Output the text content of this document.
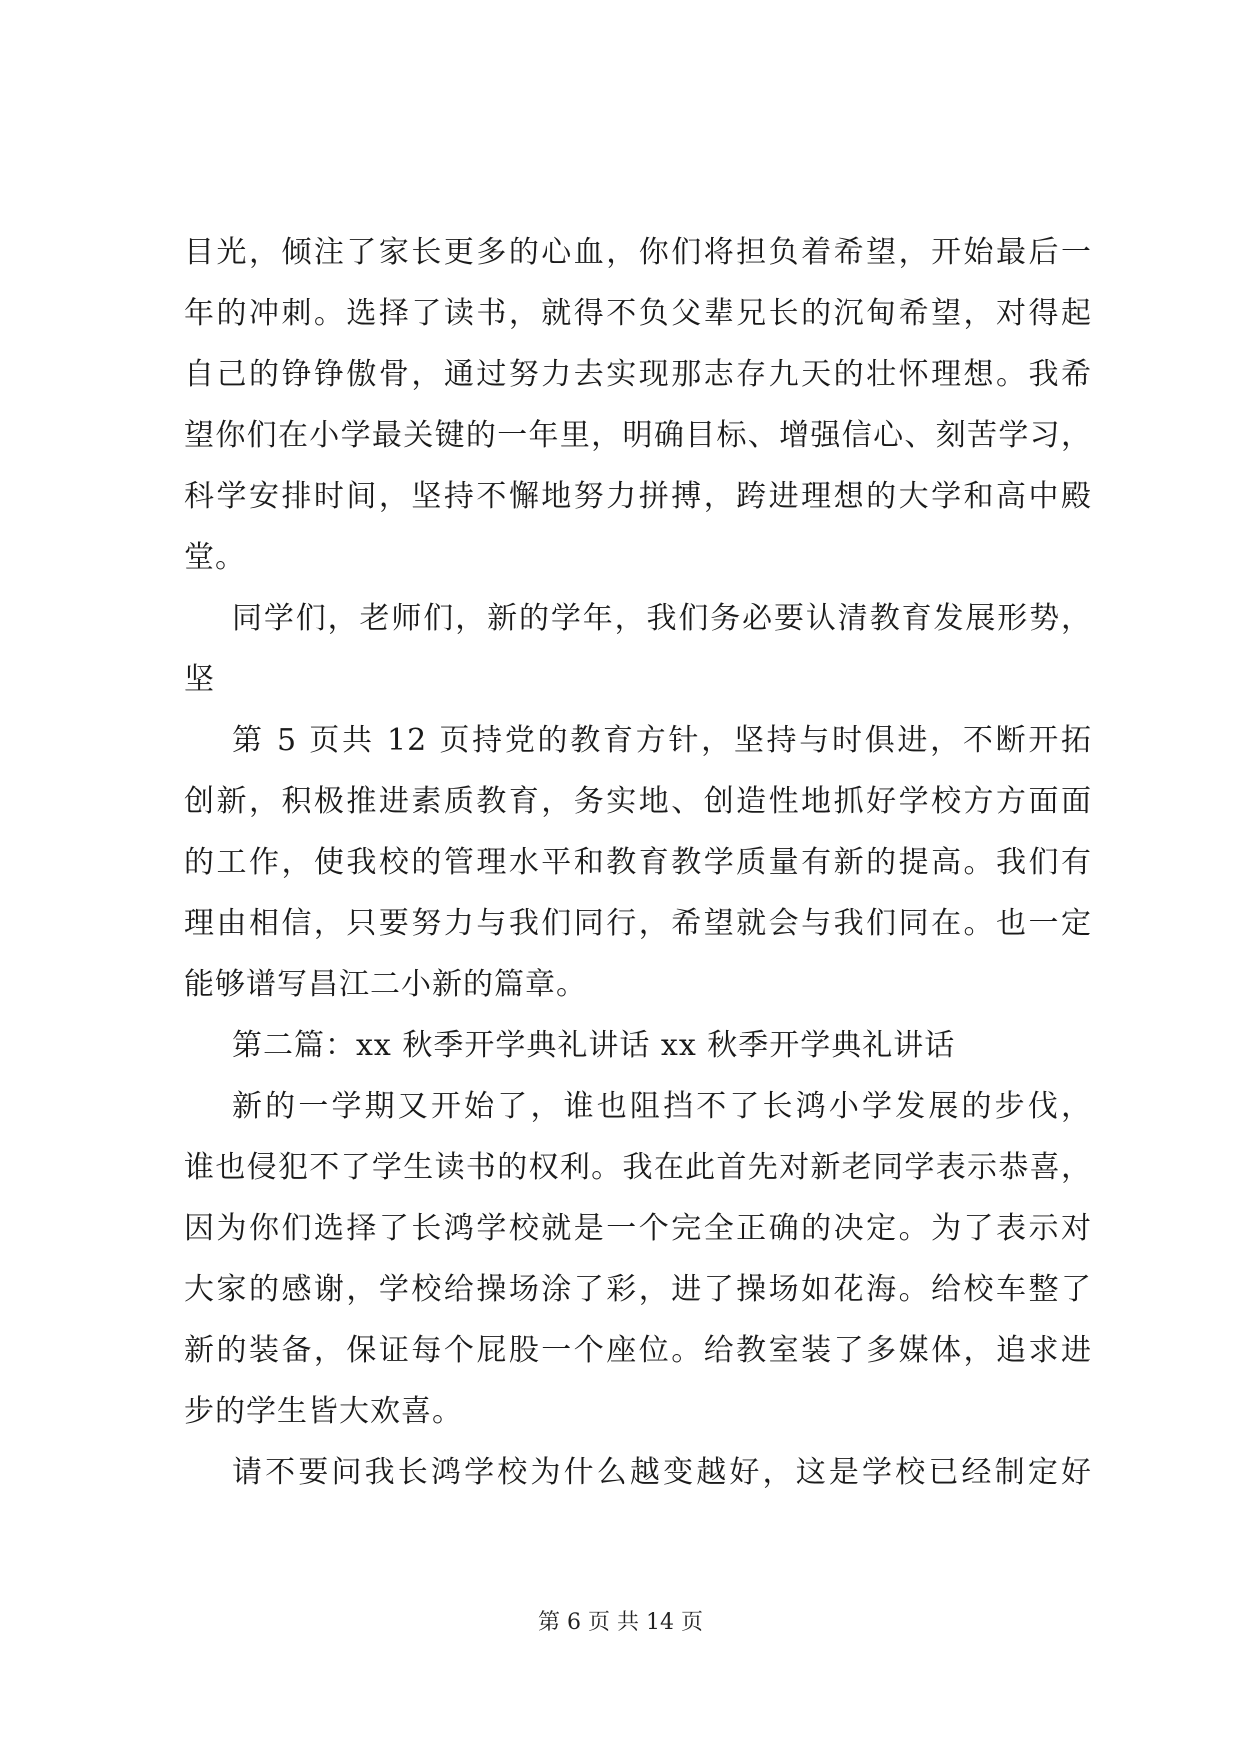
目光，倾注了家长更多的心血，你们将担负着希望，开始最后一
年的冲刺。选择了读书，就得不负父辈兄长的沉甸希望，对得起
自己的铮铮傲骨，通过努力去实现那志存九天的壮怀理想。我希
望你们在小学最关键的一年里，明确目标、增强信心、刻苦学习，
科学安排时间，坚持不懈地努力拼搏，跨进理想的大学和高中殿
堂。
同学们，老师们，新的学年，我们务必要认清教育发展形势，
坚
第 5 页共 12 页持党的教育方针，坚持与时俱进，不断开拓
创新，积极推进素质教育，务实地、创造性地抓好学校方方面面
的工作，使我校的管理水平和教育教学质量有新的提高。我们有
理由相信，只要努力与我们同行，希望就会与我们同在。也一定
能够谱写昌江二小新的篇章。
第二篇：xx 秋季开学典礼讲话 xx 秋季开学典礼讲话
新的一学期又开始了，谁也阻挡不了长鸿小学发展的步伐，
谁也侵犯不了学生读书的权利。我在此首先对新老同学表示恭喜，
因为你们选择了长鸿学校就是一个完全正确的决定。为了表示对
大家的感谢，学校给操场涂了彩，进了操场如花海。给校车整了
新的装备，保证每个屁股一个座位。给教室装了多媒体，追求进
步的学生皆大欢喜。
请不要问我长鸿学校为什么越变越好，这是学校已经制定好
第 6 页 共 14 页
